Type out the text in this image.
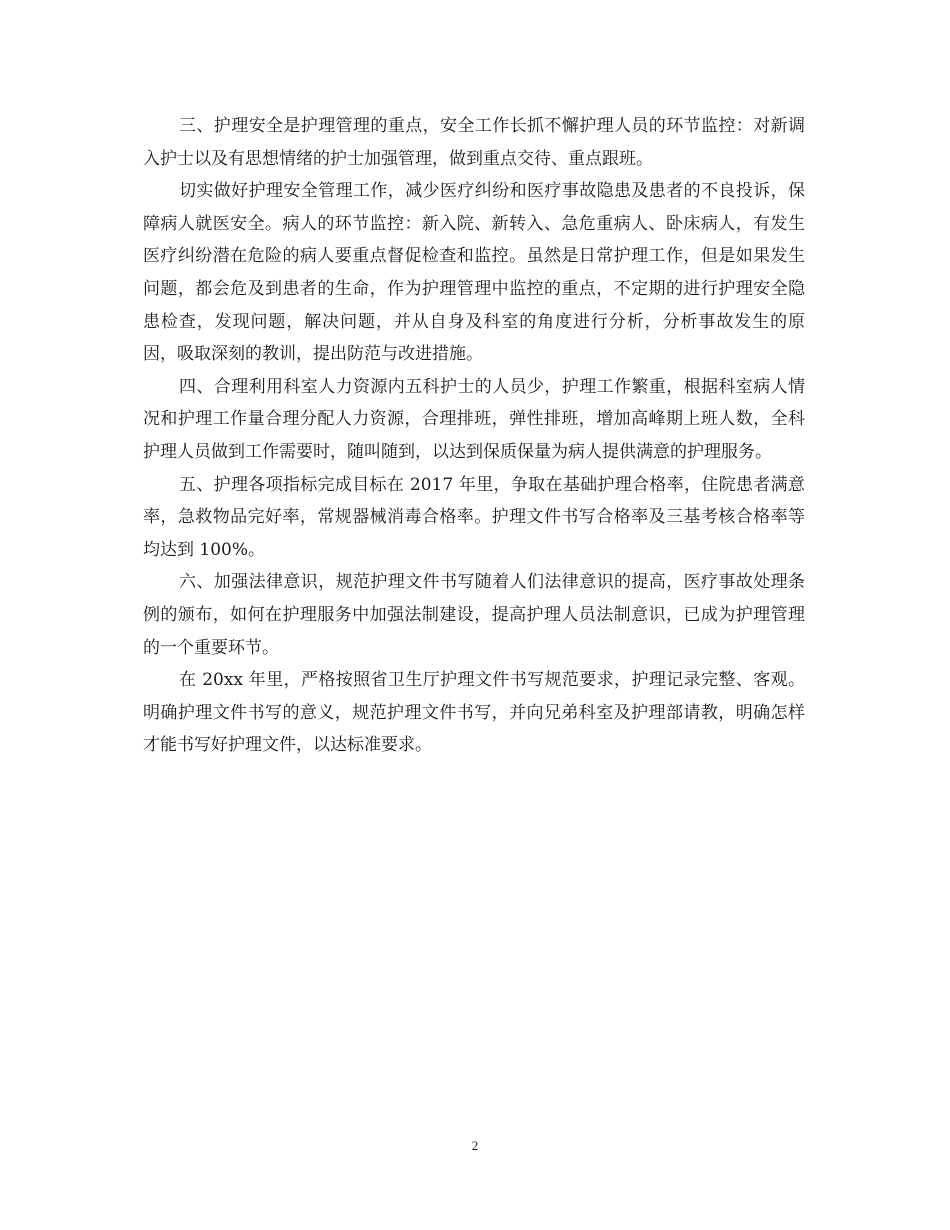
三、护理安全是护理管理的重点，安全工作长抓不懈护理人员的环节监控：对新调入护士以及有思想情绪的护士加强管理，做到重点交待、重点跟班。

切实做好护理安全管理工作，减少医疗纠纷和医疗事故隐患及患者的不良投诉，保障病人就医安全。病人的环节监控：新入院、新转入、急危重病人、卧床病人，有发生医疗纠纷潜在危险的病人要重点督促检查和监控。虽然是日常护理工作，但是如果发生问题，都会危及到患者的生命，作为护理管理中监控的重点，不定期的进行护理安全隐患检查，发现问题，解决问题，并从自身及科室的角度进行分析，分析事故发生的原因，吸取深刻的教训，提出防范与改进措施。

四、合理利用科室人力资源内五科护士的人员少，护理工作繁重，根据科室病人情况和护理工作量合理分配人力资源，合理排班，弹性排班，增加高峰期上班人数，全科护理人员做到工作需要时，随叫随到，以达到保质保量为病人提供满意的护理服务。

五、护理各项指标完成目标在 2017 年里，争取在基础护理合格率，住院患者满意率，急救物品完好率，常规器械消毒合格率。护理文件书写合格率及三基考核合格率等均达到 100%。

六、加强法律意识，规范护理文件书写随着人们法律意识的提高，医疗事故处理条例的颁布，如何在护理服务中加强法制建设，提高护理人员法制意识，已成为护理管理的一个重要环节。

在 20xx 年里，严格按照省卫生厅护理文件书写规范要求，护理记录完整、客观。明确护理文件书写的意义，规范护理文件书写，并向兄弟科室及护理部请教，明确怎样才能书写好护理文件，以达标准要求。

2
